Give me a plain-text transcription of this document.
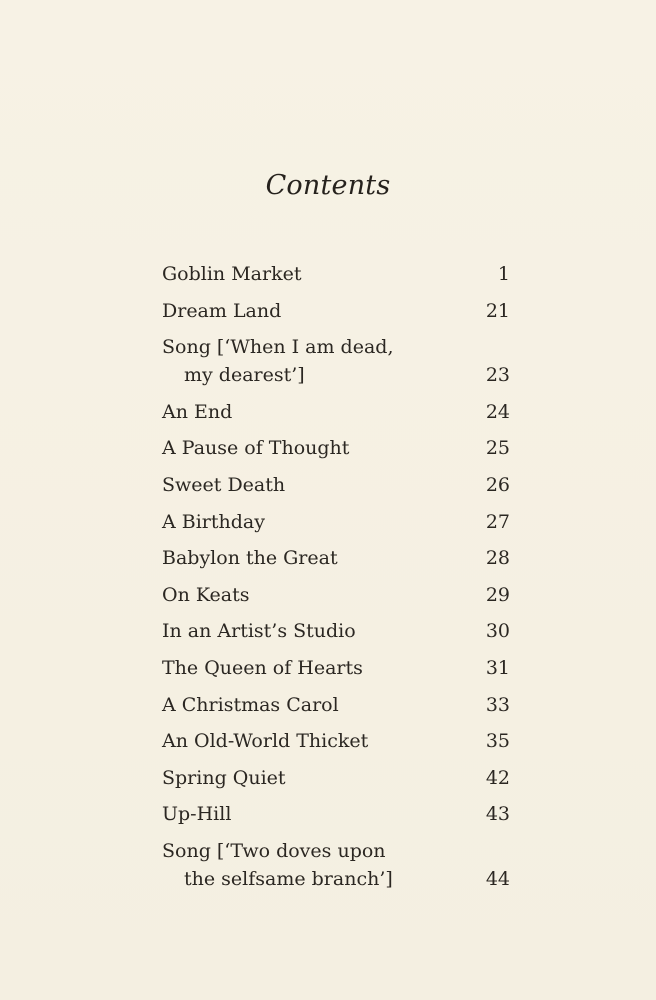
Contents
Goblin Market	1
Dream Land	21
Song [‘When I am dead,
my dearest’]	23
An End	24
A Pause of Thought	25
Sweet Death	26
A Birthday	27
Babylon the Great	28
On Keats	29
In an Artist’s Studio	30
The Queen of Hearts	31
A Christmas Carol	33
An Old-World Thicket	35
Spring Quiet	42
Up-Hill	43
Song [‘Two doves upon
the selfsame branch’]	44
